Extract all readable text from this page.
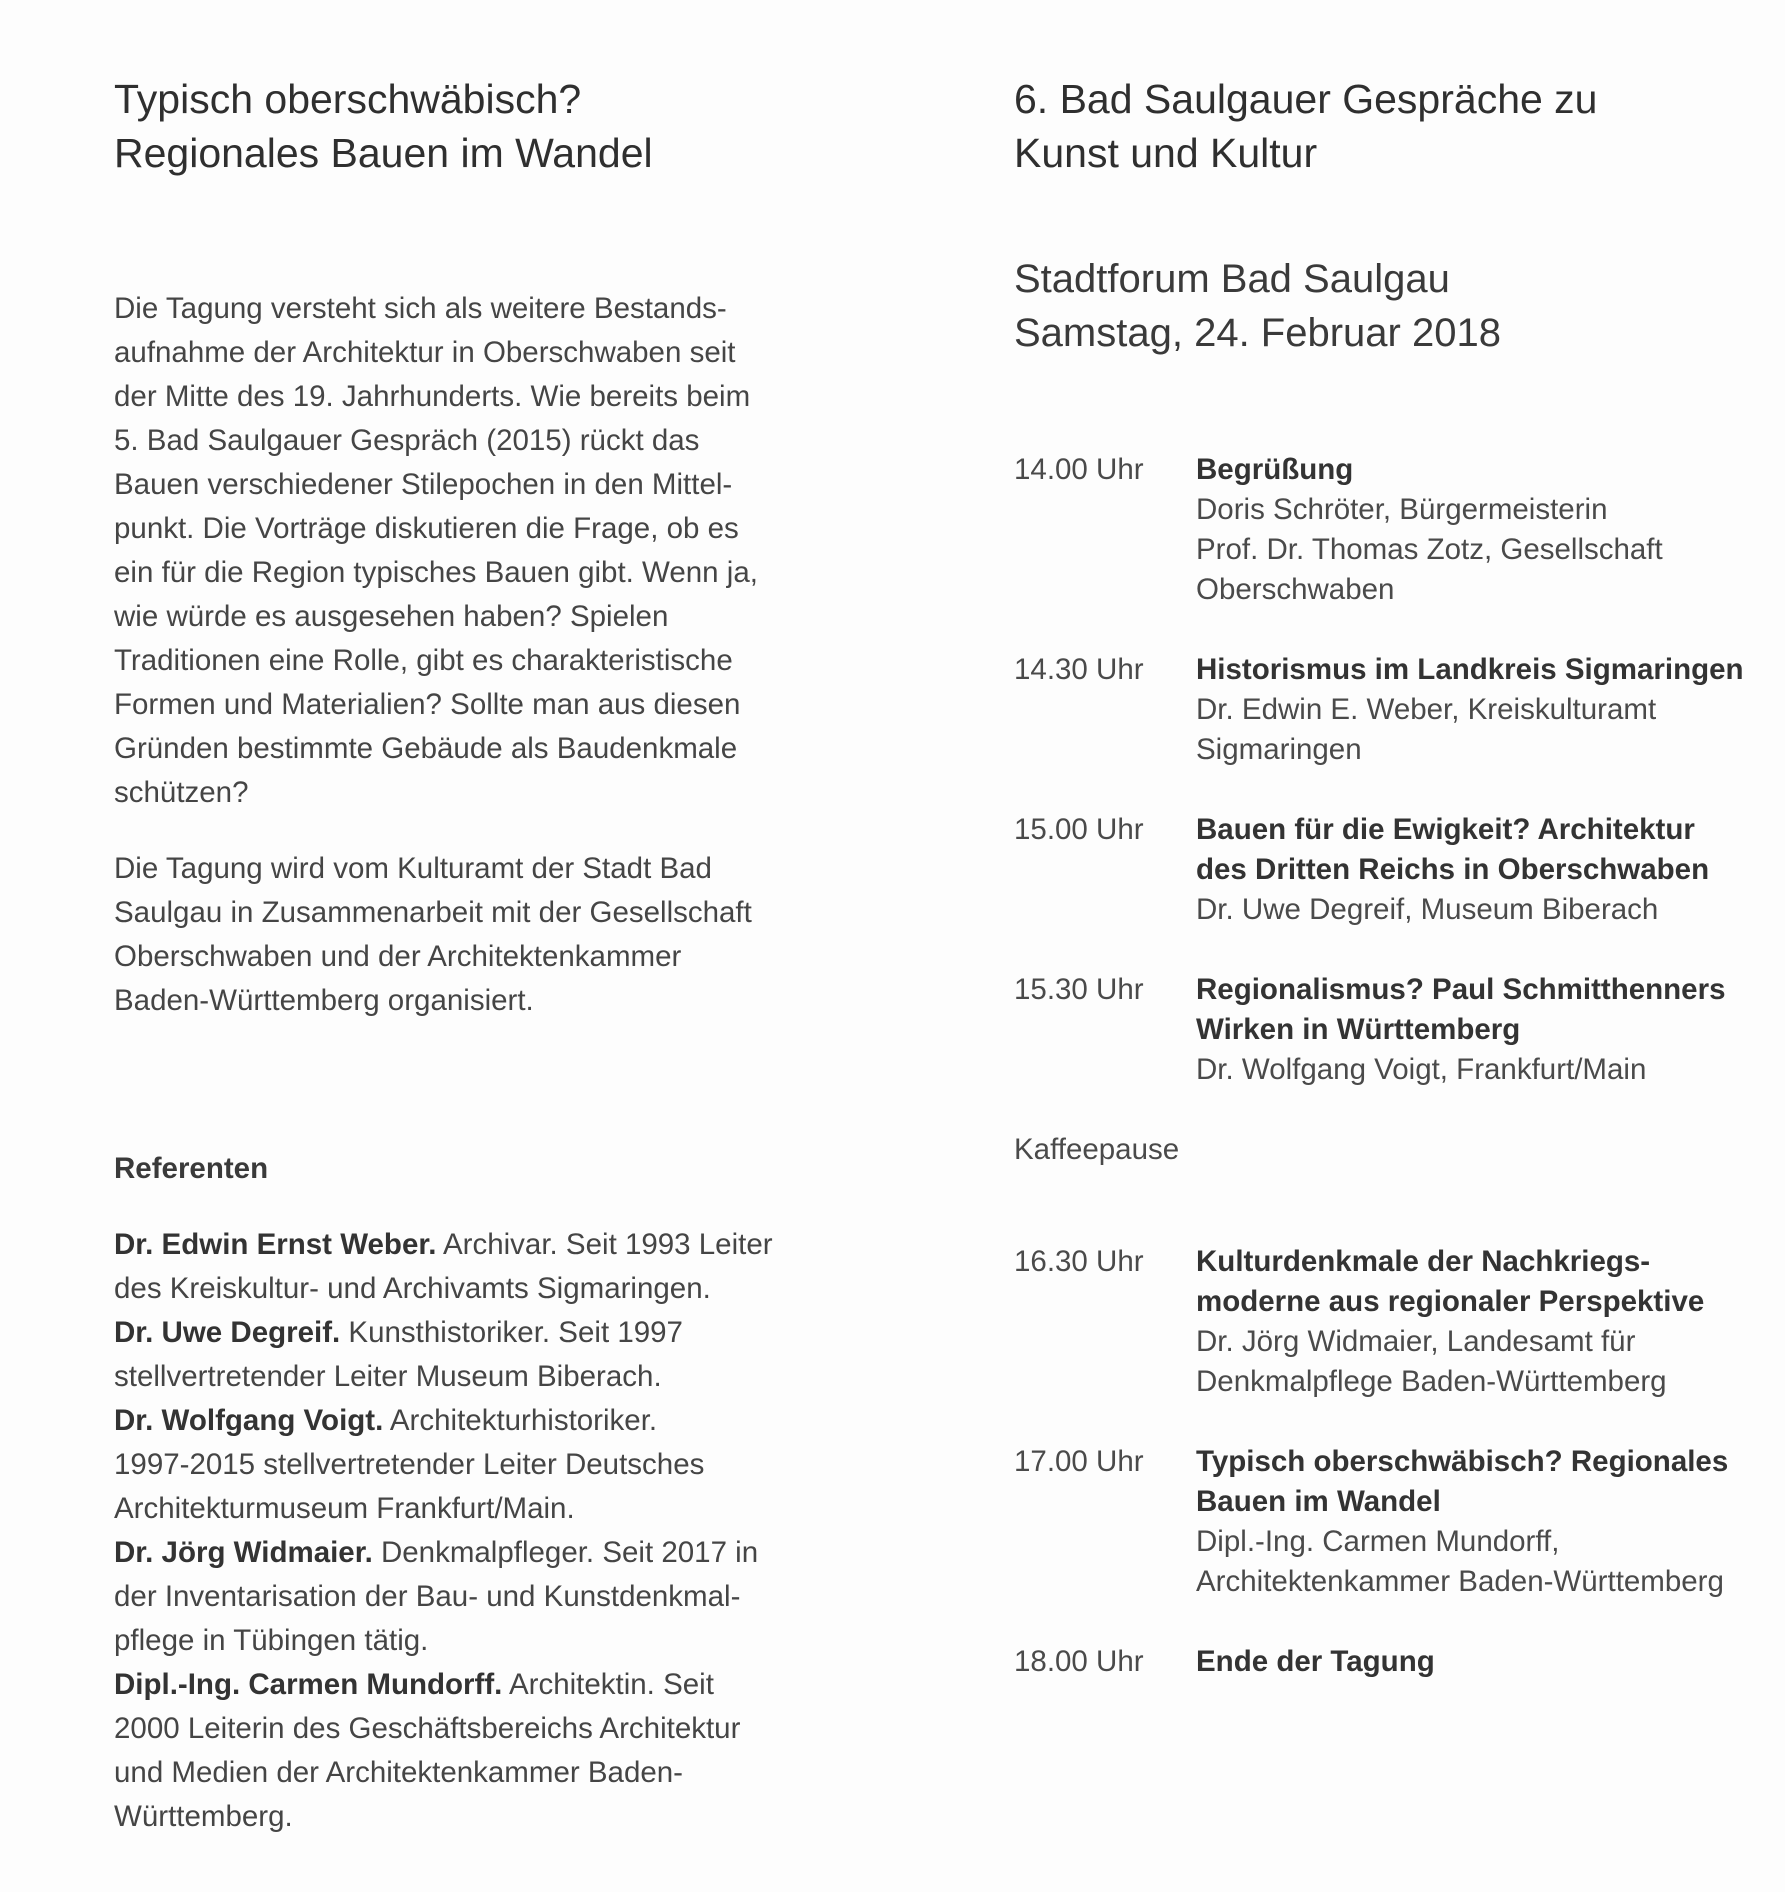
Typisch oberschwäbisch?
Regionales Bauen im Wandel

Die Tagung versteht sich als weitere Bestands-
aufnahme der Architektur in Oberschwaben seit
der Mitte des 19. Jahrhunderts. Wie bereits beim
5. Bad Saulgauer Gespräch (2015) rückt das
Bauen verschiedener Stilepochen in den Mittel-
punkt. Die Vorträge diskutieren die Frage, ob es
ein für die Region typisches Bauen gibt. Wenn ja,
wie würde es ausgesehen haben? Spielen
Traditionen eine Rolle, gibt es charakteristische
Formen und Materialien? Sollte man aus diesen
Gründen bestimmte Gebäude als Baudenkmale
schützen?

Die Tagung wird vom Kulturamt der Stadt Bad
Saulgau in Zusammenarbeit mit der Gesellschaft
Oberschwaben und der Architektenkammer
Baden-Württemberg organisiert.

Referenten
Dr. Edwin Ernst Weber. Archivar. Seit 1993 Leiter
des Kreiskultur- und Archivamts Sigmaringen.
Dr. Uwe Degreif. Kunsthistoriker. Seit 1997
stellvertretender Leiter Museum Biberach.
Dr. Wolfgang Voigt. Architekturhistoriker.
1997-2015 stellvertretender Leiter Deutsches
Architekturmuseum Frankfurt/Main.
Dr. Jörg Widmaier. Denkmalpfleger. Seit 2017 in
der Inventarisation der Bau- und Kunstdenkmal-
pflege in Tübingen tätig.
Dipl.-Ing. Carmen Mundorff. Architektin. Seit
2000 Leiterin des Geschäftsbereichs Architektur
und Medien der Architektenkammer Baden-
Württemberg.
6. Bad Saulgauer Gespräche zu
Kunst und Kultur
Stadtforum Bad Saulgau
Samstag, 24. Februar 2018
14.00 Uhr Begrüßung
Doris Schröter, Bürgermeisterin
Prof. Dr. Thomas Zotz, Gesellschaft
Oberschwaben
14.30 Uhr Historismus im Landkreis Sigmaringen
Dr. Edwin E. Weber, Kreiskulturamt
Sigmaringen
15.00 Uhr Bauen für die Ewigkeit? Architektur
des Dritten Reichs in Oberschwaben
Dr. Uwe Degreif, Museum Biberach
15.30 Uhr Regionalismus? Paul Schmitthenners
Wirken in Württemberg
Dr. Wolfgang Voigt, Frankfurt/Main
Kaffeepause
16.30 Uhr Kulturdenkmale der Nachkriegs-
moderne aus regionaler Perspektive
Dr. Jörg Widmaier, Landesamt für
Denkmalpflege Baden-Württemberg
17.00 Uhr Typisch oberschwäbisch? Regionales
Bauen im Wandel
Dipl.-Ing. Carmen Mundorff,
Architektenkammer Baden-Württemberg
18.00 Uhr Ende der Tagung
